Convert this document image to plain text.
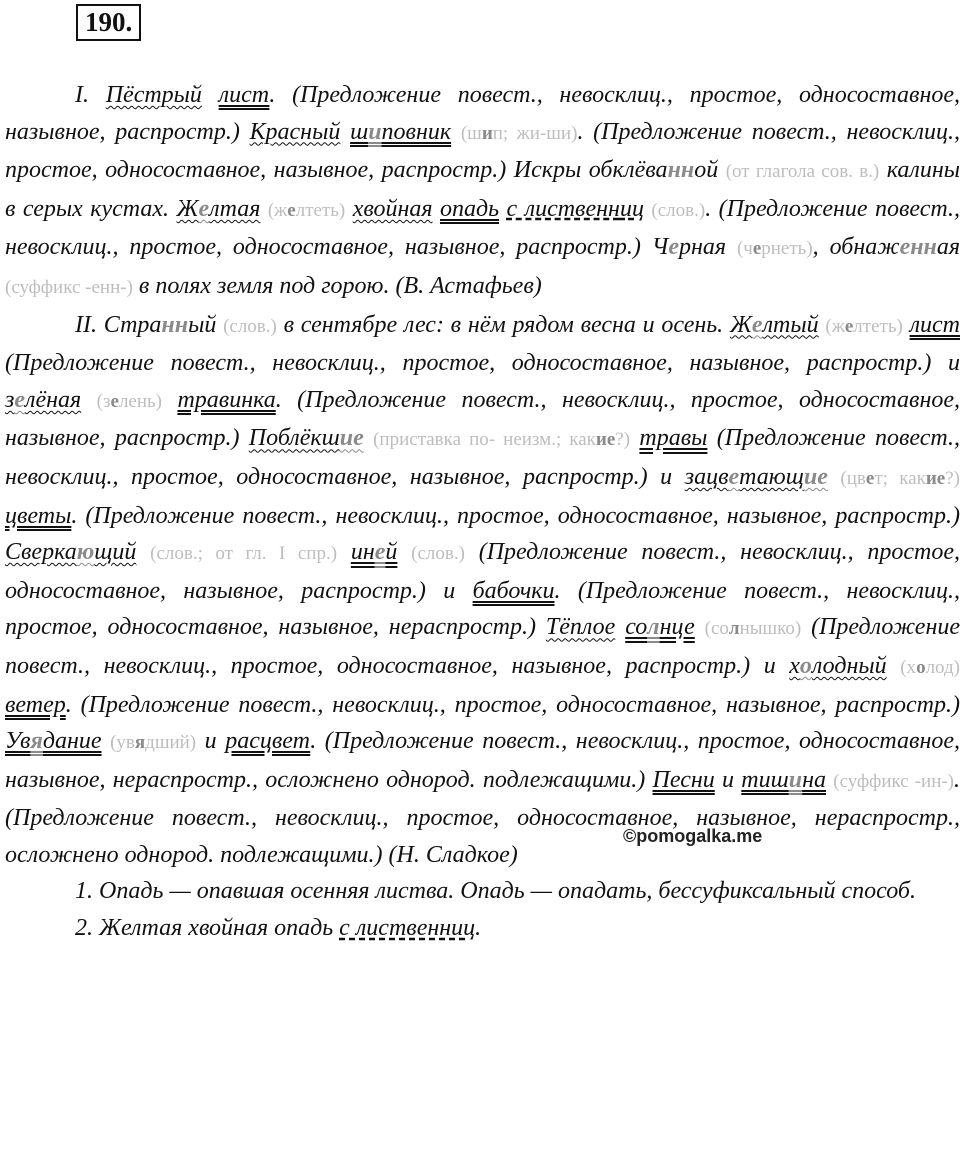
190.

I. Пёстрый лист. (Предложение повест., невосклиц., простое, односоставное, назывное, распростр.) Красный шиповник (шип; жи-ши). (Предложение повест., невосклиц., простое, односоставное, назывное, распростр.) Искры обклёванной (от глагола сов. в.) калины в серых кустах. Желтая (желтеть) хвойная опадь с лиственниц (слов.). (Предложение повест., невосклиц., простое, односоставное, назывное, распростр.) Черная (чернеть), обнаженная (суффикс -енн-) в полях земля под горою. (В. Астафьев)

II. Странный (слов.) в сентябре лес: в нём рядом весна и осень. Желтый (желтеть) лист (Предложение повест., невосклиц., простое, односоставное, назывное, распростр.) и зелёная (зелень) травинка. (Предложение повест., невосклиц., простое, односоставное, назывное, распростр.) Поблёкшие (приставка по- неизм.; какие?) травы (Предложение повест., невосклиц., простое, односоставное, назывное, распростр.) и зацветающие (цвет; какие?) цветы. (Предложение повест., невосклиц., простое, односоставное, назывное, распростр.) Сверкающий (слов.; от гл. I спр.) иней (слов.) (Предложение повест., невосклиц., простое, односоставное, назывное, распростр.) и бабочки. (Предложение повест., невосклиц., простое, односоставное, назывное, нераспростр.) Тёплое солнце (солнышко) (Предложение повест., невосклиц., простое, односоставное, назывное, распростр.) и холодный (холод) ветер. (Предложение повест., невосклиц., простое, односоставное, назывное, распростр.) Увядание (увядший) и расцвет. (Предложение повест., невосклиц., простое, односоставное, назывное, нераспростр., осложнено однород. подлежащими.) Песни и тишина (суффикс -ин-). (Предложение повест., невосклиц., простое, односоставное, назывное, нераспростр., осложнено однород. подлежащими.) (Н. Сладкое)

1. Опадь — опавшая осенняя листва. Опадь — опадать, бессуфиксальный способ.

2. Желтая хвойная опадь с лиственниц.

©pomogalka.me
